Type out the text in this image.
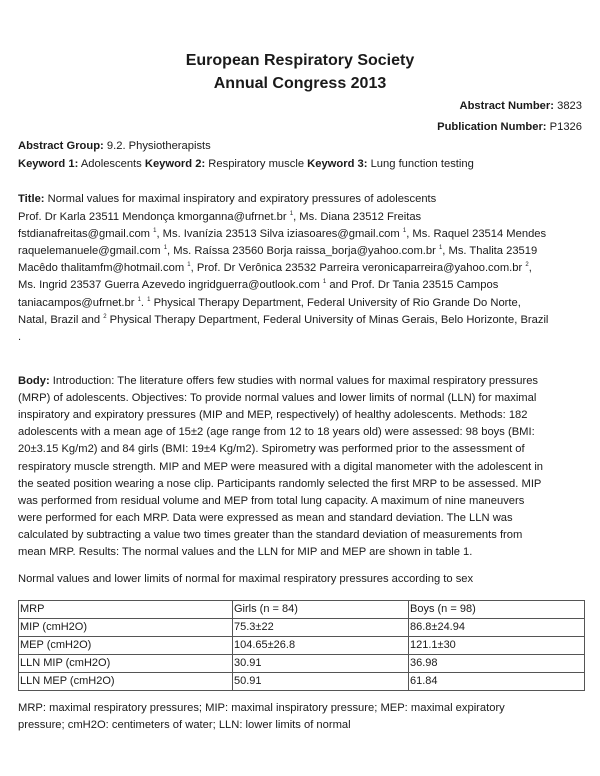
European Respiratory Society
Annual Congress 2013
Abstract Number: 3823
Publication Number: P1326
Abstract Group: 9.2. Physiotherapists
Keyword 1: Adolescents Keyword 2: Respiratory muscle Keyword 3: Lung function testing
Title: Normal values for maximal inspiratory and expiratory pressures of adolescents
Prof. Dr Karla 23511 Mendonça kmorganna@ufrnet.br $^1$, Ms. Diana 23512 Freitas
fstdianafreitas@gmail.com $^1$, Ms. Ivanízia 23513 Silva iziasoares@gmail.com $^1$, Ms. Raquel 23514 Mendes
raquelemanuele@gmail.com $^1$, Ms. Raíssa 23560 Borja raissa_borja@yahoo.com.br $^1$, Ms. Thalita 23519
Macêdo thalitamfm@hotmail.com $^1$, Prof. Dr Verônica 23532 Parreira veronicaparreira@yahoo.com.br $^2$,
Ms. Ingrid 23537 Guerra Azevedo ingridguerra@outlook.com $^1$ and Prof. Dr Tania 23515 Campos
taniacampos@ufrnet.br $^1$. $^1$ Physical Therapy Department, Federal University of Rio Grande Do Norte,
Natal, Brazil and $^2$ Physical Therapy Department, Federal University of Minas Gerais, Belo Horizonte, Brazil
.
Body: Introduction: The literature offers few studies with normal values for maximal respiratory pressures
(MRP) of adolescents. Objectives: To provide normal values and lower limits of normal (LLN) for maximal
inspiratory and expiratory pressures (MIP and MEP, respectively) of healthy adolescents. Methods: 182
adolescents with a mean age of 15±2 (age range from 12 to 18 years old) were assessed: 98 boys (BMI:
20±3.15 Kg/m2) and 84 girls (BMI: 19±4 Kg/m2). Spirometry was performed prior to the assessment of
respiratory muscle strength. MIP and MEP were measured with a digital manometer with the adolescent in
the seated position wearing a nose clip. Participants randomly selected the first MRP to be assessed. MIP
was performed from residual volume and MEP from total lung capacity. A maximum of nine maneuvers
were performed for each MRP. Data were expressed as mean and standard deviation. The LLN was
calculated by subtracting a value two times greater than the standard deviation of measurements from
mean MRP. Results: The normal values and the LLN for MIP and MEP are shown in table 1.
Normal values and lower limits of normal for maximal respiratory pressures according to sex
MRP	Girls (n = 84)	Boys (n = 98)
MIP (cmH2O)	75.3±22	86.8±24.94
MEP (cmH2O)	104.65±26.8	121.1±30
LLN MIP (cmH2O)	30.91	36.98
LLN MEP (cmH2O)	50.91	61.84
MRP: maximal respiratory pressures; MIP: maximal inspiratory pressure; MEP: maximal expiratory
pressure; cmH2O: centimeters of water; LLN: lower limits of normal
